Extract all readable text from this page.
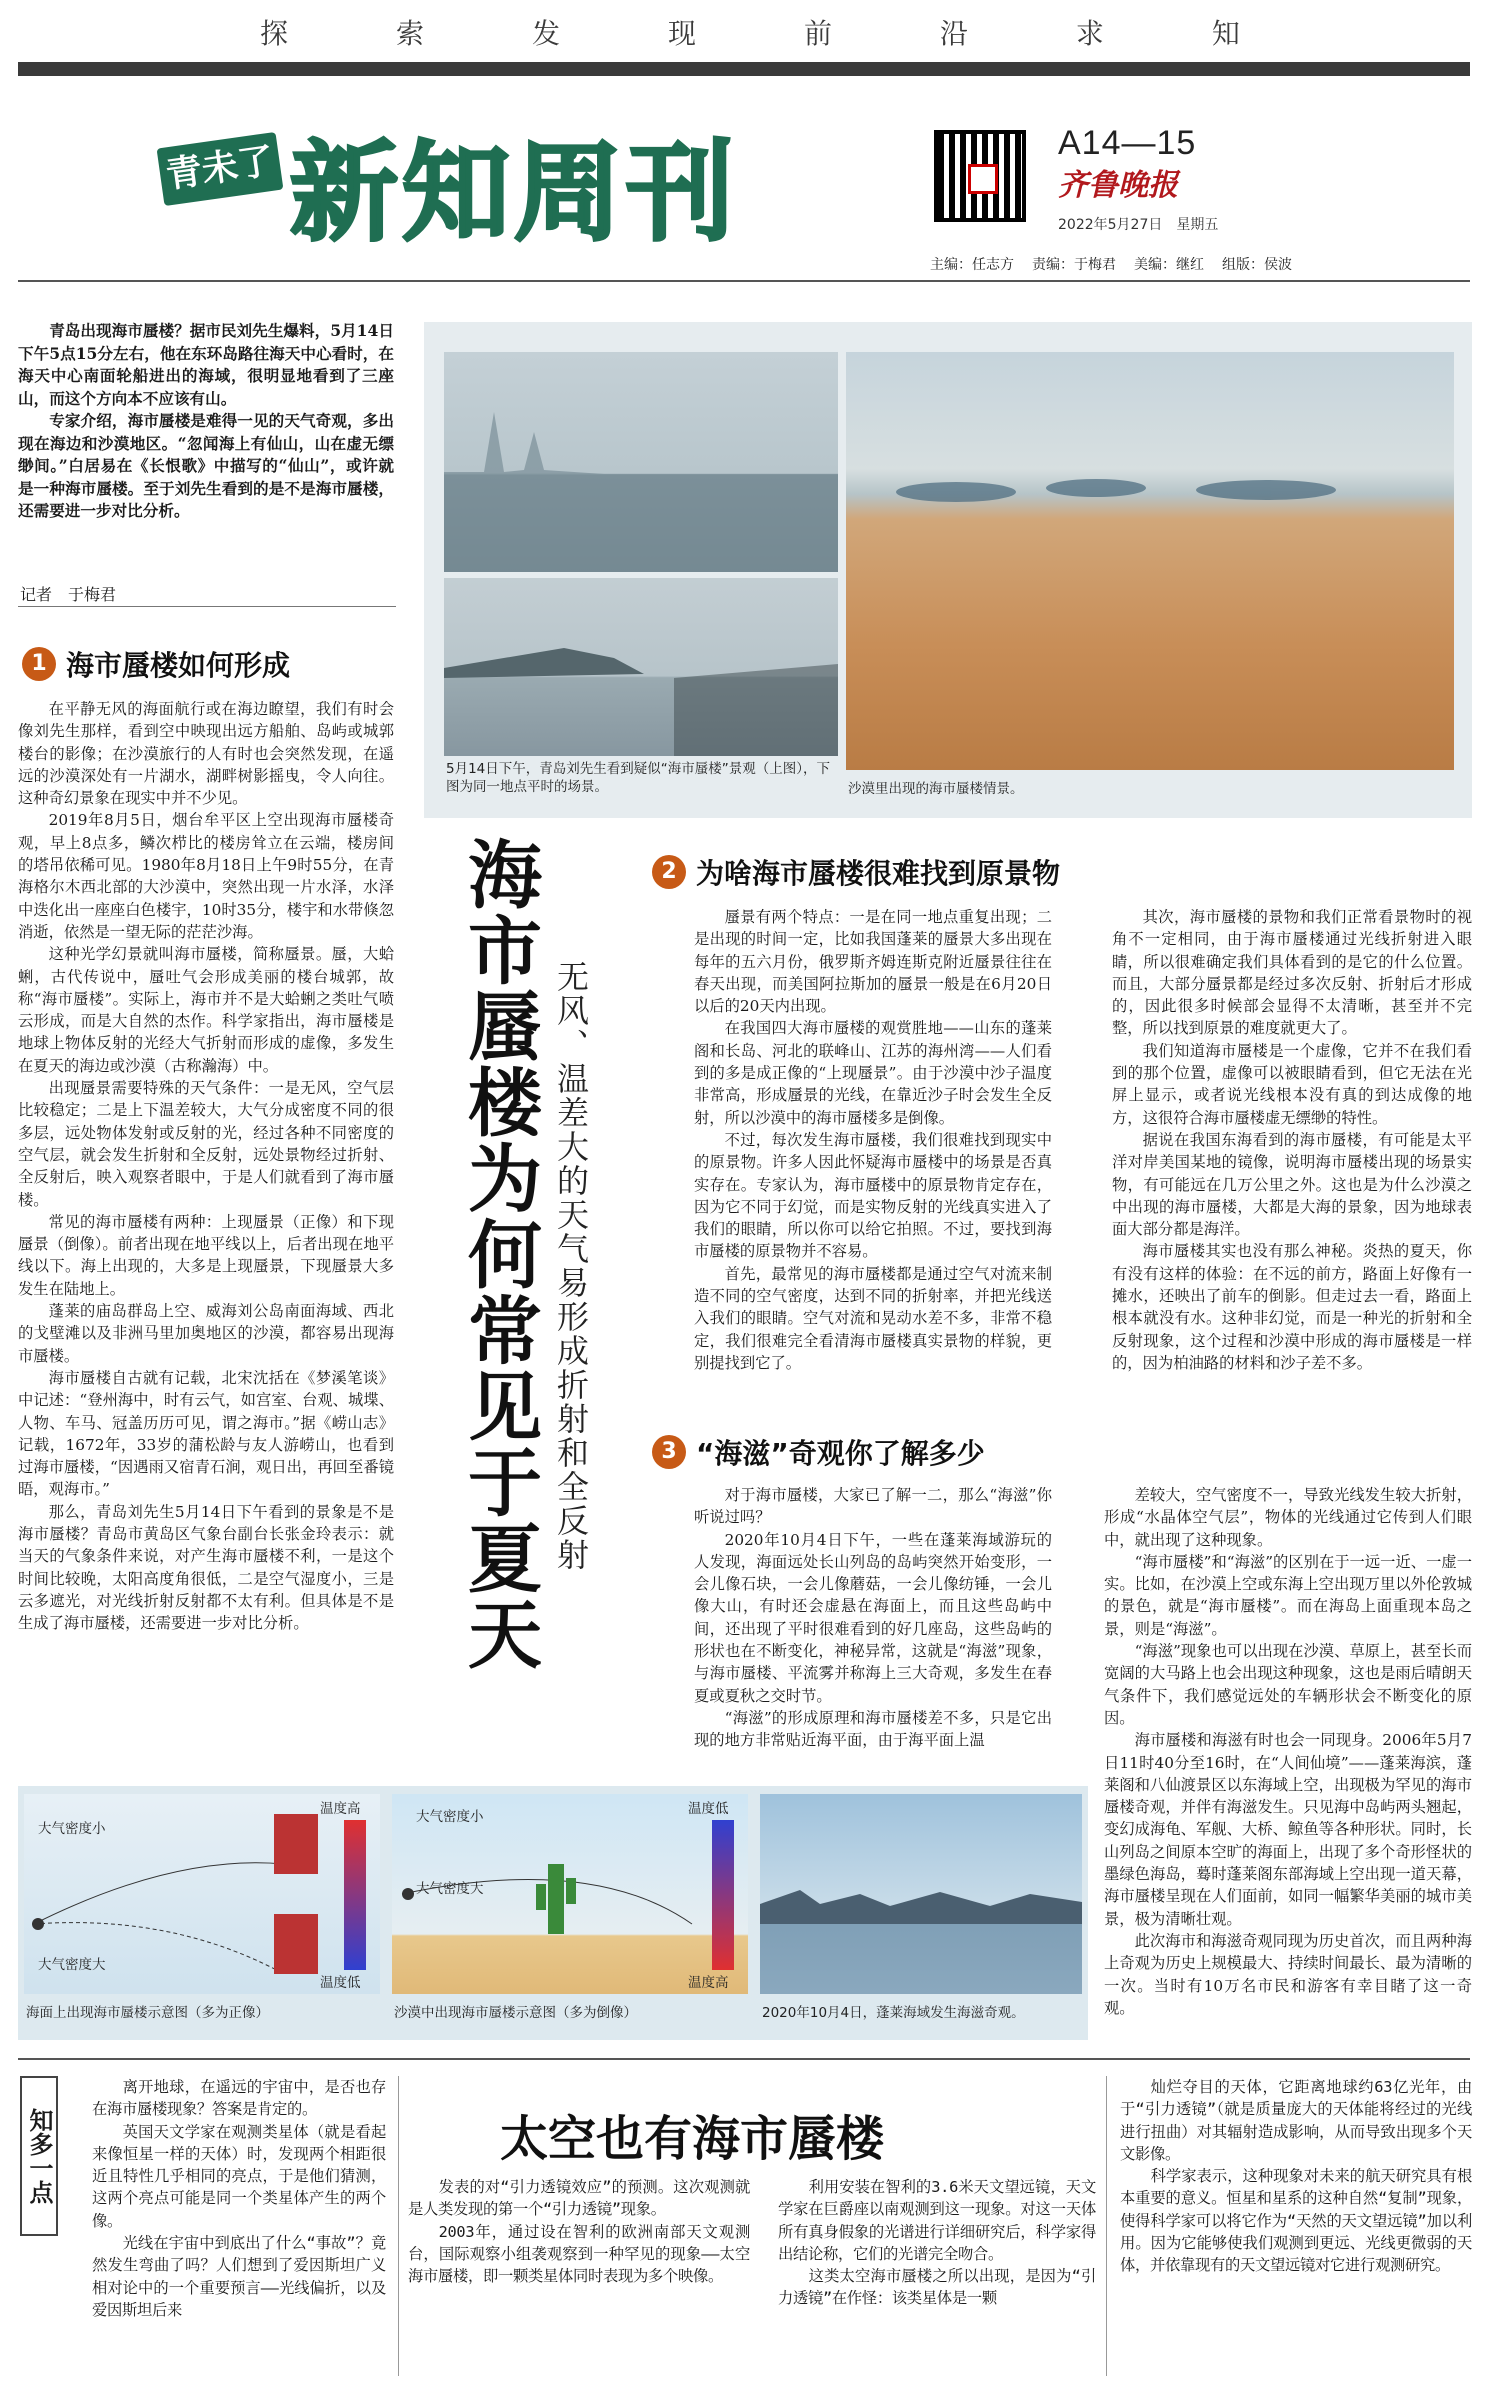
探	索	发	现	前	沿	求	知
青未了 新知周刊	A14—15
齐鲁晚报
2022年5月27日　星期五
主编：任志方 责编：于梅君 美编：继红 组版：侯波

青岛出现海市蜃楼？据市民刘先生爆料，5月14日下午5点15分左右，他在东环岛路往海天中心看时，在海天中心南面轮船进出的海域，很明显地看到了三座山，而这个方向本不应该有山。

专家介绍，海市蜃楼是难得一见的天气奇观，多出现在海边和沙漠地区。“忽闻海上有仙山，山在虚无缥缈间。”白居易在《长恨歌》中描写的“仙山”，或许就是一种海市蜃楼。至于刘先生看到的是不是海市蜃楼，还需要进一步对比分析。

记者　于梅君
5月14日下午，青岛刘先生看到疑似“海市蜃楼”景观（上图），下图为同一地点平时的场景。	沙漠里出现的海市蜃楼情景。
1 海市蜃楼如何形成

在平静无风的海面航行或在海边瞭望，我们有时会像刘先生那样，看到空中映现出远方船舶、岛屿或城郭楼台的影像；在沙漠旅行的人有时也会突然发现，在遥远的沙漠深处有一片湖水，湖畔树影摇曳，令人向往。这种奇幻景象在现实中并不少见。

2019年8月5日，烟台牟平区上空出现海市蜃楼奇观，早上8点多，鳞次栉比的楼房耸立在云端，楼房间的塔吊依稀可见。1980年8月18日上午9时55分，在青海格尔木西北部的大沙漠中，突然出现一片水泽，水泽中迭化出一座座白色楼宇，10时35分，楼宇和水带倏忽消逝，依然是一望无际的茫茫沙海。

这种光学幻景就叫海市蜃楼，简称蜃景。蜃，大蛤蜊，古代传说中，蜃吐气会形成美丽的楼台城郭，故称“海市蜃楼”。实际上，海市并不是大蛤蜊之类吐气喷云形成，而是大自然的杰作。科学家指出，海市蜃楼是地球上物体反射的光经大气折射而形成的虚像，多发生在夏天的海边或沙漠（古称瀚海）中。

出现蜃景需要特殊的天气条件：一是无风，空气层比较稳定；二是上下温差较大，大气分成密度不同的很多层，远处物体发射或反射的光，经过各种不同密度的空气层，就会发生折射和全反射，远处景物经过折射、全反射后，映入观察者眼中，于是人们就看到了海市蜃楼。

常见的海市蜃楼有两种：上现蜃景（正像）和下现蜃景（倒像）。前者出现在地平线以上，后者出现在地平线以下。海上出现的，大多是上现蜃景，下现蜃景大多发生在陆地上。

蓬莱的庙岛群岛上空、威海刘公岛南面海域、西北的戈壁滩以及非洲马里加奥地区的沙漠，都容易出现海市蜃楼。

海市蜃楼自古就有记载，北宋沈括在《梦溪笔谈》中记述：“登州海中，时有云气，如宫室、台观、城堞、人物、车马、冠盖历历可见，谓之海市。”据《崂山志》记载，1672年，33岁的蒲松龄与友人游崂山，也看到过海市蜃楼，“因遇雨又宿青石涧，观日出，再回至番镜晤，观海市。”

那么，青岛刘先生5月14日下午看到的景象是不是海市蜃楼？青岛市黄岛区气象台副台长张金玲表示：就当天的气象条件来说，对产生海市蜃楼不利，一是这个时间比较晚，太阳高度角很低，二是空气湿度小，三是云多遮光，对光线折射反射都不太有利。但具体是不是生成了海市蜃楼，还需要进一步对比分析。	海市蜃楼为何常见于夏天 无风、温差大的天气易形成折射和全反射
2 为啥海市蜃楼很难找到原景物

蜃景有两个特点：一是在同一地点重复出现；二是出现的时间一定，比如我国蓬莱的蜃景大多出现在每年的五六月份，俄罗斯齐姆连斯克附近蜃景往往在春天出现，而美国阿拉斯加的蜃景一般是在6月20日以后的20天内出现。

在我国四大海市蜃楼的观赏胜地——山东的蓬莱阁和长岛、河北的联峰山、江苏的海州湾——人们看到的多是成正像的“上现蜃景”。由于沙漠中沙子温度非常高，形成蜃景的光线，在靠近沙子时会发生全反射，所以沙漠中的海市蜃楼多是倒像。

不过，每次发生海市蜃楼，我们很难找到现实中的原景物。许多人因此怀疑海市蜃楼中的场景是否真实存在。专家认为，海市蜃楼中的原景物肯定存在，因为它不同于幻觉，而是实物反射的光线真实进入了我们的眼睛，所以你可以给它拍照。不过，要找到海市蜃楼的原景物并不容易。

首先，最常见的海市蜃楼都是通过空气对流来制造不同的空气密度，达到不同的折射率，并把光线送入我们的眼睛。空气对流和晃动水差不多，非常不稳定，我们很难完全看清海市蜃楼真实景物的样貌，更别提找到它了。

其次，海市蜃楼的景物和我们正常看景物时的视角不一定相同，由于海市蜃楼通过光线折射进入眼睛，所以很难确定我们具体看到的是它的什么位置。而且，大部分蜃景都是经过多次反射、折射后才形成的，因此很多时候部会显得不太清晰，甚至并不完整，所以找到原景的难度就更大了。

我们知道海市蜃楼是一个虚像，它并不在我们看到的那个位置，虚像可以被眼睛看到，但它无法在光屏上显示，或者说光线根本没有真的到达成像的地方，这很符合海市蜃楼虚无缥缈的特性。

据说在我国东海看到的海市蜃楼，有可能是太平洋对岸美国某地的镜像，说明海市蜃楼出现的场景实物，有可能远在几万公里之外。这也是为什么沙漠之中出现的海市蜃楼，大都是大海的景象，因为地球表面大部分都是海洋。

海市蜃楼其实也没有那么神秘。炎热的夏天，你有没有这样的体验：在不远的前方，路面上好像有一摊水，还映出了前车的倒影。但走过去一看，路面上根本就没有水。这种非幻觉，而是一种光的折射和全反射现象，这个过程和沙漠中形成的海市蜃楼是一样的，因为柏油路的材料和沙子差不多。

3 “海滋”奇观你了解多少

对于海市蜃楼，大家已了解一二，那么“海滋”你听说过吗？

2020年10月4日下午，一些在蓬莱海域游玩的人发现，海面远处长山列岛的岛屿突然开始变形，一会儿像石块，一会儿像蘑菇，一会儿像纺锤，一会儿像大山，有时还会虚悬在海面上，而且这些岛屿中间，还出现了平时很难看到的好几座岛，这些岛屿的形状也在不断变化，神秘异常，这就是“海滋”现象，与海市蜃楼、平流雾并称海上三大奇观，多发生在春夏或夏秋之交时节。

“海滋”的形成原理和海市蜃楼差不多，只是它出现的地方非常贴近海平面，由于海平面上温

差较大，空气密度不一，导致光线发生较大折射，形成“水晶体空气层”，物体的光线通过它传到人们眼中，就出现了这种现象。

“海市蜃楼”和“海滋”的区别在于一远一近、一虚一实。比如，在沙漠上空或东海上空出现万里以外伦敦城的景色，就是“海市蜃楼”。而在海岛上面重现本岛之景，则是“海滋”。

“海滋”现象也可以出现在沙漠、草原上，甚至长而宽阔的大马路上也会出现这种现象，这也是雨后晴朗天气条件下，我们感觉远处的车辆形状会不断变化的原因。

海市蜃楼和海滋有时也会一同现身。2006年5月7日11时40分至16时，在“人间仙境”——蓬莱海滨，蓬莱阁和八仙渡景区以东海域上空，出现极为罕见的海市蜃楼奇观，并伴有海滋发生。只见海中岛屿两头翘起，变幻成海龟、军舰、大桥、鲸鱼等各种形状。同时，长山列岛之间原本空旷的海面上，出现了多个奇形怪状的墨绿色海岛，蓦时蓬莱阁东部海域上空出现一道天幕，海市蜃楼呈现在人们面前，如同一幅繁华美丽的城市美景，极为清晰壮观。

此次海市和海滋奇观同现为历史首次，而且两种海上奇观为历史上规模最大、持续时间最长、最为清晰的一次。当时有10万名市民和游客有幸目睹了这一奇观。

大气密度小
大气密度大
温度高
温度低
大气密度小
大气密度大
温度低
温度高
海面上出现海市蜃楼示意图（多为正像）	沙漠中出现海市蜃楼示意图（多为倒像）	2020年10月4日，蓬莱海域发生海滋奇观。
知多一点	太空也有海市蜃楼

离开地球，在遥远的宇宙中，是否也存在海市蜃楼现象？答案是肯定的。

英国天文学家在观测类星体（就是看起来像恒星一样的天体）时，发现两个相距很近且特性几乎相同的亮点，于是他们猜测，这两个亮点可能是同一个类星体产生的两个像。

光线在宇宙中到底出了什么“事故”？竟然发生弯曲了吗？人们想到了爱因斯坦广义相对论中的一个重要预言——光线偏折，以及爱因斯坦后来

发表的对“引力透镜效应”的预测。这次观测就是人类发现的第一个“引力透镜”现象。

2003年，通过设在智利的欧洲南部天文观测台，国际观察小组袭观察到一种罕见的现象——太空海市蜃楼，即一颗类星体同时表现为多个映像。

利用安装在智利的3.6米天文望远镜，天文学家在巨爵座以南观测到这一现象。对这一天体所有真身假象的光谱进行详细研究后，科学家得出结论称，它们的光谱完全吻合。

这类太空海市蜃楼之所以出现，是因为“引力透镜”在作怪：该类星体是一颗

灿烂夺目的天体，它距离地球约63亿光年，由于“引力透镜”（就是质量庞大的天体能将经过的光线进行扭曲）对其辐射造成影响，从而导致出现多个天文影像。

科学家表示，这种现象对未来的航天研究具有根本重要的意义。恒星和星系的这种自然“复制”现象，使得科学家可以将它作为“天然的天文望远镜”加以利用。因为它能够使我们观测到更远、光线更微弱的天体，并依靠现有的天文望远镜对它进行观测研究。
